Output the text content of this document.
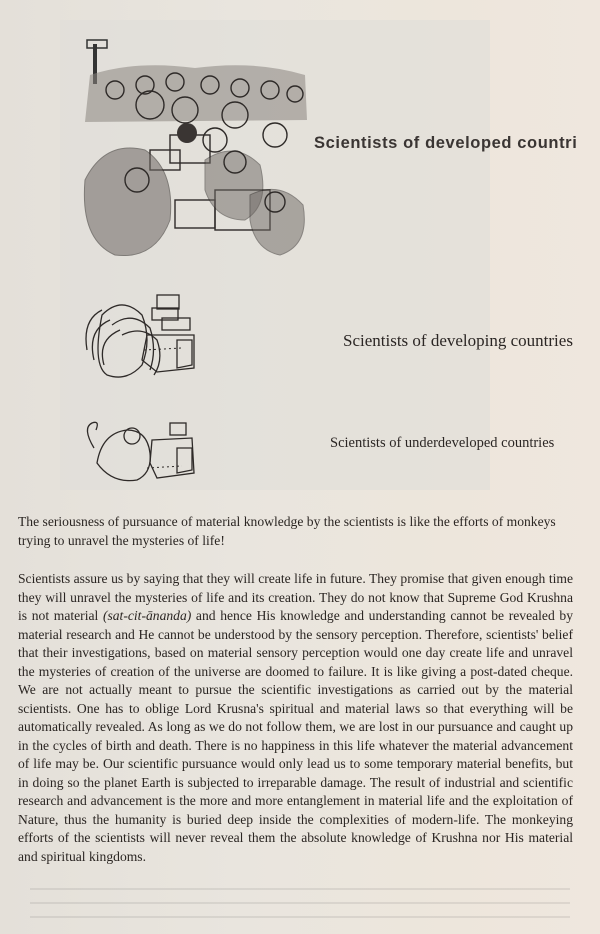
Scientists of developed countri
Scientists of developing countries
Scientists of underdeveloped countries

The seriousness of pursuance of material knowledge by the scientists is like the efforts of monkeys trying to unravel the mysteries of life!

Scientists assure us by saying that they will create life in future. They promise that given enough time they will unravel the mysteries of life and its creation. They do not know that Supreme God Krushna is not material (sat-cit-ānanda) and hence His knowledge and understanding cannot be revealed by material research and He cannot be understood by the sensory perception. Therefore, scientists' belief that their investigations, based on material sensory perception would one day create life and unravel the mysteries of creation of the universe are doomed to failure. It is like giving a post-dated cheque. We are not actually meant to pursue the scientific investigations as carried out by the material scientists. One has to oblige Lord Krusna's spiritual and material laws so that everything will be automatically revealed. As long as we do not follow them, we are lost in our pursuance and caught up in the cycles of birth and death. There is no happiness in this life whatever the material advancement of life may be. Our scientific pursuance would only lead us to some temporary material benefits, but in doing so the planet Earth is subjected to irreparable damage. The result of industrial and scientific research and advancement is the more and more entanglement in material life and the exploitation of Nature, thus the humanity is buried deep inside the complexities of modern-life. The monkeying efforts of the scientists will never reveal them the absolute knowledge of Krushna nor His material and spiritual kingdoms.
